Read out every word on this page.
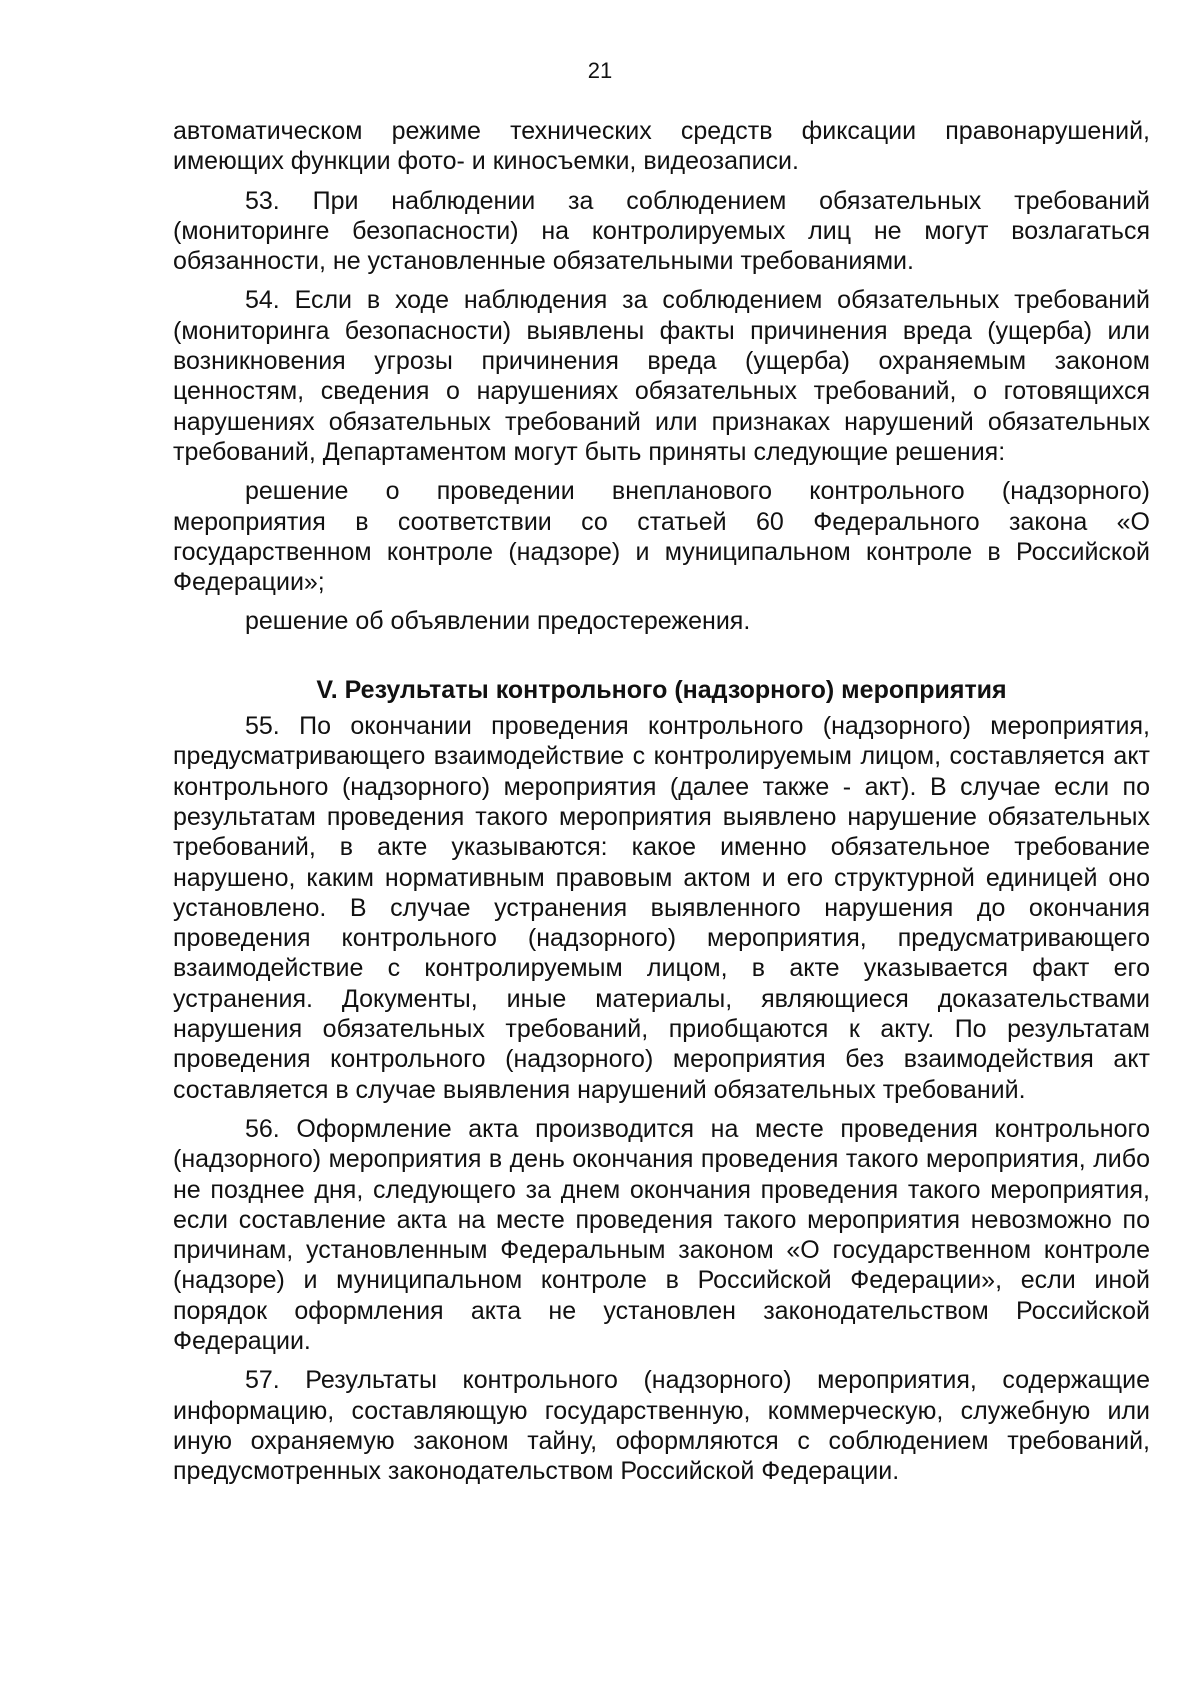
21

автоматическом режиме технических средств фиксации правонарушений, имеющих функции фото- и киносъемки, видеозаписи.

53. При наблюдении за соблюдением обязательных требований (мониторинге безопасности) на контролируемых лиц не могут возлагаться обязанности, не установленные обязательными требованиями.

54. Если в ходе наблюдения за соблюдением обязательных требований (мониторинга безопасности) выявлены факты причинения вреда (ущерба) или возникновения угрозы причинения вреда (ущерба) охраняемым законом ценностям, сведения о нарушениях обязательных требований, о готовящихся нарушениях обязательных требований или признаках нарушений обязательных требований, Департаментом могут быть приняты следующие решения:

решение о проведении внепланового контрольного (надзорного) мероприятия в соответствии со статьей 60 Федерального закона «О государственном контроле (надзоре) и муниципальном контроле в Российской Федерации»;

решение об объявлении предостережения.

V. Результаты контрольного (надзорного) мероприятия

55. По окончании проведения контрольного (надзорного) мероприятия, предусматривающего взаимодействие с контролируемым лицом, составляется акт контрольного (надзорного) мероприятия (далее также - акт). В случае если по результатам проведения такого мероприятия выявлено нарушение обязательных требований, в акте указываются: какое именно обязательное требование нарушено, каким нормативным правовым актом и его структурной единицей оно установлено. В случае устранения выявленного нарушения до окончания проведения контрольного (надзорного) мероприятия, предусматривающего взаимодействие с контролируемым лицом, в акте указывается факт его устранения. Документы, иные материалы, являющиеся доказательствами нарушения обязательных требований, приобщаются к акту. По результатам проведения контрольного (надзорного) мероприятия без взаимодействия акт составляется в случае выявления нарушений обязательных требований.

56. Оформление акта производится на месте проведения контрольного (надзорного) мероприятия в день окончания проведения такого мероприятия, либо не позднее дня, следующего за днем окончания проведения такого мероприятия, если составление акта на месте проведения такого мероприятия невозможно по причинам, установленным Федеральным законом «О государственном контроле (надзоре) и муниципальном контроле в Российской Федерации», если иной порядок оформления акта не установлен законодательством Российской Федерации.

57. Результаты контрольного (надзорного) мероприятия, содержащие информацию, составляющую государственную, коммерческую, служебную или иную охраняемую законом тайну, оформляются с соблюдением требований, предусмотренных законодательством Российской Федерации.
